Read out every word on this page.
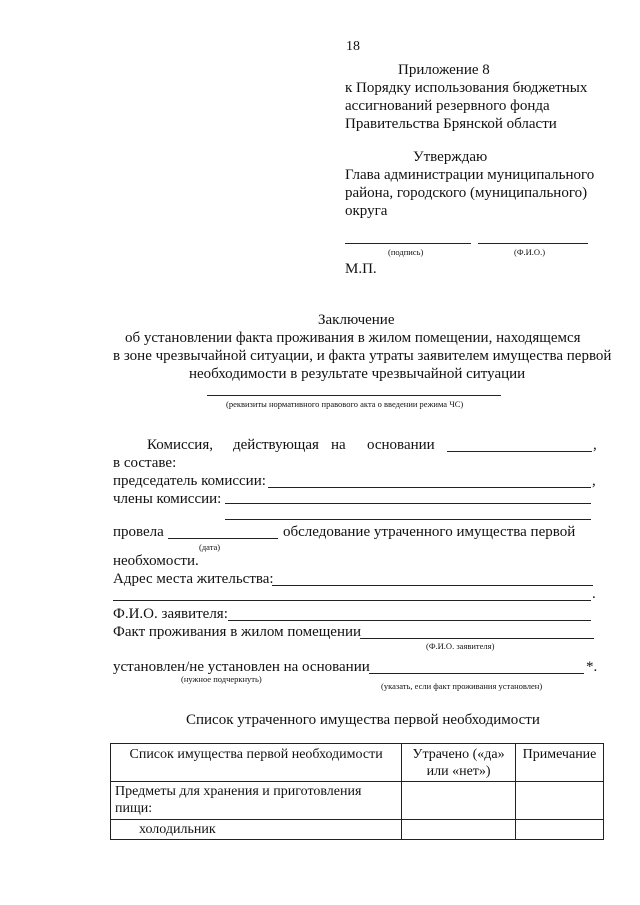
18
Приложение 8
к Порядку использования бюджетных
ассигнований резервного фонда
Правительства Брянской области
Утверждаю
Глава администрации муниципального
района, городского (муниципального)
округа
(подпись)	(Ф.И.О.)
М.П.
Заключение
об установлении факта проживания в жилом помещении, находящемся
в зоне чрезвычайной ситуации, и факта утраты заявителем имущества первой
необходимости в результате чрезвычайной ситуации
(реквизиты нормативного правового акта о введении режима ЧС)
Комиссия, действующая на основании	,
в составе:
председатель комиссии:	,
члены комиссии:
провела	обследование утраченного имущества первой
(дата)
необхомости.
Адрес места жительства:
.
Ф.И.О. заявителя:
Факт проживания в жилом помещении
(Ф.И.О. заявителя)
установлен/не установлен на основании	*.
(нужное подчеркнуть)
(указать, если факт проживания установлен)
Список утраченного имущества первой необходимости
Список имущества первой необходимости	Утрачено («да» или «нет»)	Примечание
Предметы для хранения и приготовления пищи:		
холодильник		
